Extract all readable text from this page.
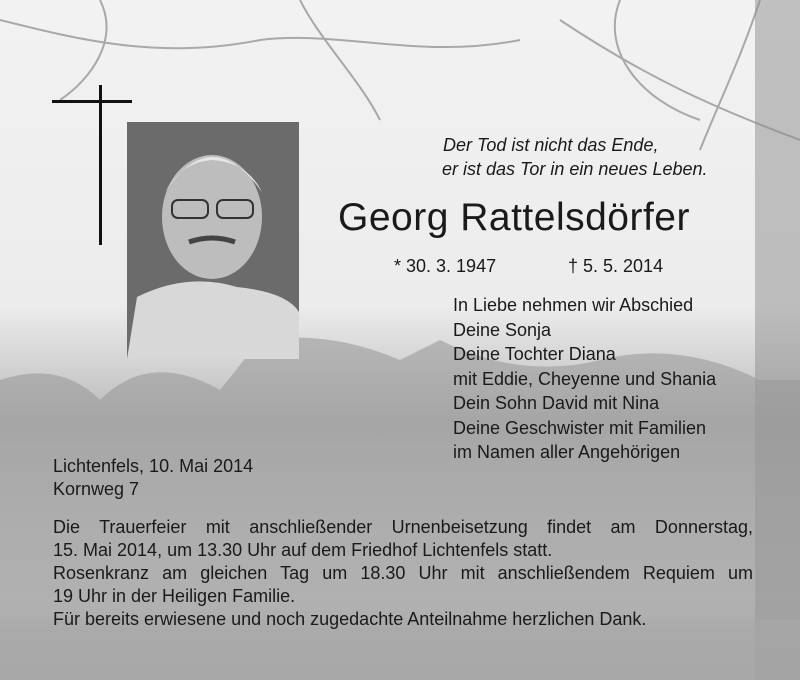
Der Tod ist nicht das Ende,
er ist das Tor in ein neues Leben.
Georg Rattelsdörfer
* 30. 3. 1947	† 5. 5. 2014
In Liebe nehmen wir Abschied
Deine Sonja
Deine Tochter Diana
mit Eddie, Cheyenne und Shania
Dein Sohn David mit Nina
Deine Geschwister mit Familien
im Namen aller Angehörigen
Lichtenfels, 10. Mai 2014
Kornweg 7
Die Trauerfeier mit anschließender Urnenbeisetzung findet am Donnerstag,
15. Mai 2014, um 13.30 Uhr auf dem Friedhof Lichtenfels statt.
Rosenkranz am gleichen Tag um 18.30 Uhr mit anschließendem Requiem um
19 Uhr in der Heiligen Familie.
Für bereits erwiesene und noch zugedachte Anteilnahme herzlichen Dank.
